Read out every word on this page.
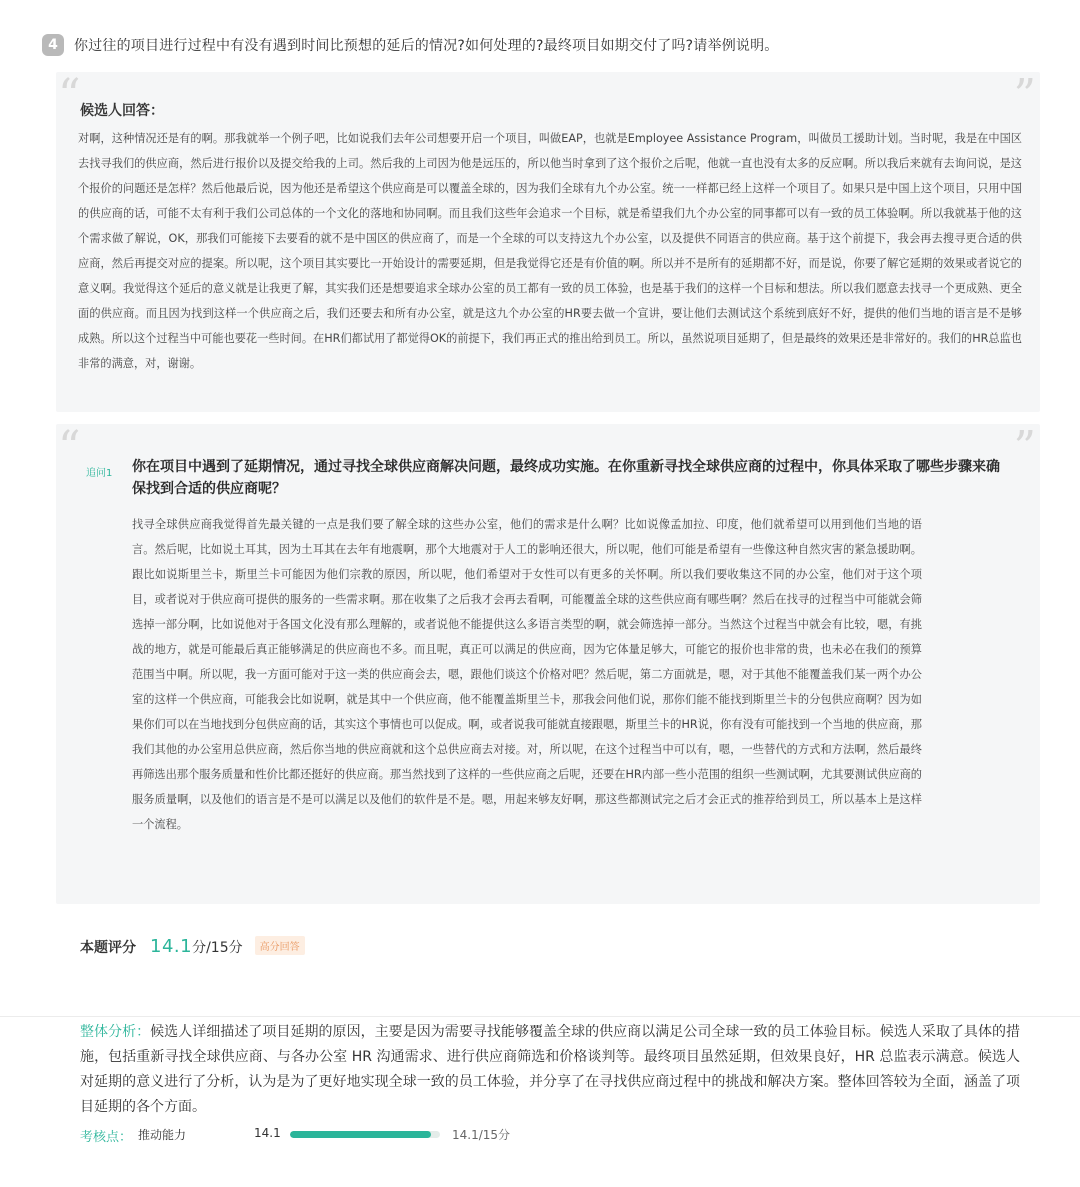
4	你过往的项目进行过程中有没有遇到时间比预想的延后的情况?如何处理的?最终项目如期交付了吗?请举例说明。
“	”
候选人回答：
对啊，这种情况还是有的啊。那我就举一个例子吧，比如说我们去年公司想要开启一个项目，叫做EAP，也就是Employee Assistance Program，叫做员工援助计划。当时呢，我是在中国区去找寻我们的供应商，然后进行报价以及提交给我的上司。然后我的上司因为他是远压的，所以他当时拿到了这个报价之后呢，他就一直也没有太多的反应啊。所以我后来就有去询问说，是这个报价的问题还是怎样？然后他最后说，因为他还是希望这个供应商是可以覆盖全球的，因为我们全球有九个办公室。统一一样都已经上这样一个项目了。如果只是中国上这个项目，只用中国的供应商的话，可能不太有利于我们公司总体的一个文化的落地和协同啊。而且我们这些年会追求一个目标，就是希望我们九个办公室的同事都可以有一致的员工体验啊。所以我就基于他的这个需求做了解说，OK，那我们可能接下去要看的就不是中国区的供应商了，而是一个全球的可以支持这九个办公室，以及提供不同语言的供应商。基于这个前提下，我会再去搜寻更合适的供应商，然后再提交对应的提案。所以呢，这个项目其实要比一开始设计的需要延期，但是我觉得它还是有价值的啊。所以并不是所有的延期都不好，而是说，你要了解它延期的效果或者说它的意义啊。我觉得这个延后的意义就是让我更了解，其实我们还是想要追求全球办公室的员工都有一致的员工体验，也是基于我们的这样一个目标和想法。所以我们愿意去找寻一个更成熟、更全面的供应商。而且因为找到这样一个供应商之后，我们还要去和所有办公室，就是这九个办公室的HR要去做一个宣讲，要让他们去测试这个系统到底好不好，提供的他们当地的语言是不是够成熟。所以这个过程当中可能也要花一些时间。在HR们都试用了都觉得OK的前提下，我们再正式的推出给到员工。所以，虽然说项目延期了，但是最终的效果还是非常好的。我们的HR总监也非常的满意，对，谢谢。
“	”
追问1 你在项目中遇到了延期情况，通过寻找全球供应商解决问题，最终成功实施。在你重新寻找全球供应商的过程中，你具体采取了哪些步骤来确保找到合适的供应商呢？
找寻全球供应商我觉得首先最关键的一点是我们要了解全球的这些办公室，他们的需求是什么啊？比如说像孟加拉、印度，他们就希望可以用到他们当地的语言。然后呢，比如说土耳其，因为土耳其在去年有地震啊，那个大地震对于人工的影响还很大，所以呢，他们可能是希望有一些像这种自然灾害的紧急援助啊。跟比如说斯里兰卡，斯里兰卡可能因为他们宗教的原因，所以呢，他们希望对于女性可以有更多的关怀啊。所以我们要收集这不同的办公室，他们对于这个项目，或者说对于供应商可提供的服务的一些需求啊。那在收集了之后我才会再去看啊，可能覆盖全球的这些供应商有哪些啊？然后在找寻的过程当中可能就会筛选掉一部分啊，比如说他对于各国文化没有那么理解的，或者说他不能提供这么多语言类型的啊，就会筛选掉一部分。当然这个过程当中就会有比较，嗯，有挑战的地方，就是可能最后真正能够满足的供应商也不多。而且呢，真正可以满足的供应商，因为它体量足够大，可能它的报价也非常的贵，也未必在我们的预算范围当中啊。所以呢，我一方面可能对于这一类的供应商会去，嗯，跟他们谈这个价格对吧？然后呢，第二方面就是，嗯，对于其他不能覆盖我们某一两个办公室的这样一个供应商，可能我会比如说啊，就是其中一个供应商，他不能覆盖斯里兰卡，那我会问他们说，那你们能不能找到斯里兰卡的分包供应商啊？因为如果你们可以在当地找到分包供应商的话，其实这个事情也可以促成。啊，或者说我可能就直接跟嗯，斯里兰卡的HR说，你有没有可能找到一个当地的供应商，那我们其他的办公室用总供应商，然后你当地的供应商就和这个总供应商去对接。对，所以呢，在这个过程当中可以有，嗯，一些替代的方式和方法啊，然后最终再筛选出那个服务质量和性价比都还挺好的供应商。那当然找到了这样的一些供应商之后呢，还要在HR内部一些小范围的组织一些测试啊，尤其要测试供应商的服务质量啊，以及他们的语言是不是可以满足以及他们的软件是不是。嗯，用起来够友好啊，那这些都测试完之后才会正式的推荐给到员工，所以基本上是这样一个流程。
本题评分 14.1 分/15分	高分回答
整体分析：候选人详细描述了项目延期的原因，主要是因为需要寻找能够覆盖全球的供应商以满足公司全球一致的员工体验目标。候选人采取了具体的措施，包括重新寻找全球供应商、与各办公室 HR 沟通需求、进行供应商筛选和价格谈判等。最终项目虽然延期，但效果良好，HR 总监表示满意。候选人对延期的意义进行了分析，认为是为了更好地实现全球一致的员工体验，并分享了在寻找供应商过程中的挑战和解决方案。整体回答较为全面，涵盖了项目延期的各个方面。
考核点： 推动能力	14.1	14.1/15分
